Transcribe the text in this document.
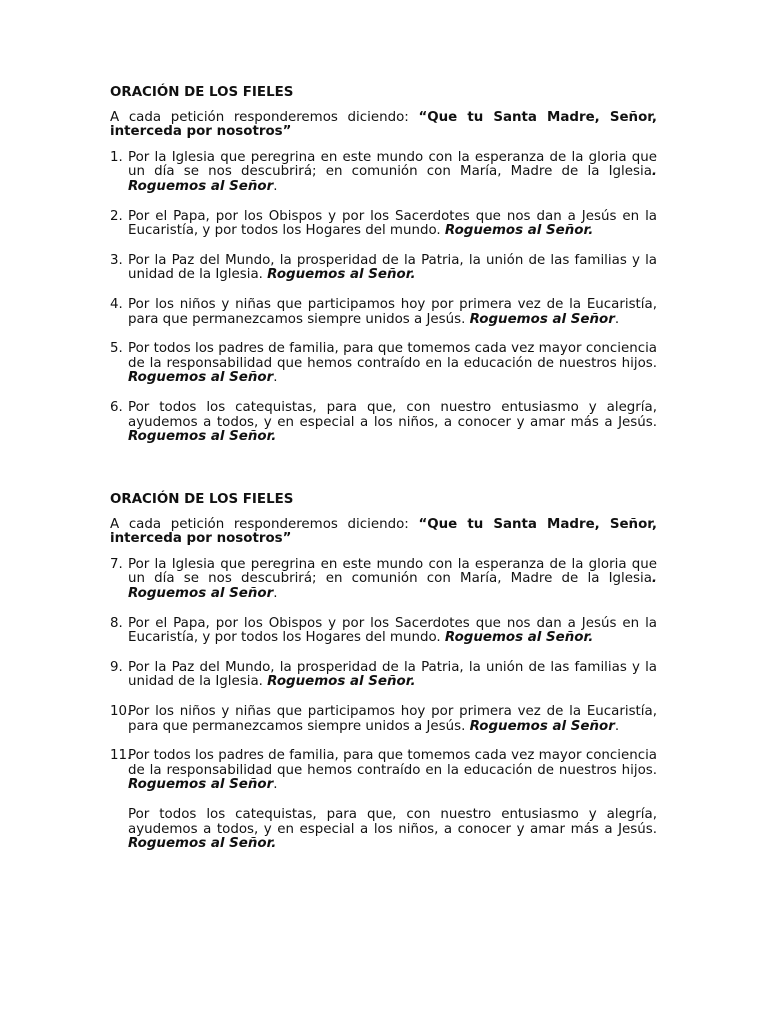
ORACIÓN DE LOS FIELES
A cada petición responderemos diciendo: “Que tu Santa Madre, Señor, interceda por nosotros”
1. Por la Iglesia que peregrina en este mundo con la esperanza de la gloria que un día se nos descubrirá; en comunión con María, Madre de la Iglesia. Roguemos al Señor.
2. Por el Papa, por los Obispos y por los Sacerdotes que nos dan a Jesús en la Eucaristía, y por todos los Hogares del mundo. Roguemos al Señor.
3. Por la Paz del Mundo, la prosperidad de la Patria, la unión de las familias y la unidad de la Iglesia. Roguemos al Señor.
4. Por los niños y niñas que participamos hoy por primera vez de la Eucaristía, para que permanezcamos siempre unidos a Jesús. Roguemos al Señor.
5. Por todos los padres de familia, para que tomemos cada vez mayor conciencia de la responsabilidad que hemos contraído en la educación de nuestros hijos. Roguemos al Señor.
6. Por todos los catequistas, para que, con nuestro entusiasmo y alegría, ayudemos a todos, y en especial a los niños, a conocer y amar más a Jesús. Roguemos al Señor.
ORACIÓN DE LOS FIELES
A cada petición responderemos diciendo: “Que tu Santa Madre, Señor, interceda por nosotros”
7. Por la Iglesia que peregrina en este mundo con la esperanza de la gloria que un día se nos descubrirá; en comunión con María, Madre de la Iglesia. Roguemos al Señor.
8. Por el Papa, por los Obispos y por los Sacerdotes que nos dan a Jesús en la Eucaristía, y por todos los Hogares del mundo. Roguemos al Señor.
9. Por la Paz del Mundo, la prosperidad de la Patria, la unión de las familias y la unidad de la Iglesia. Roguemos al Señor.
10.
Por los niños y niñas que participamos hoy por primera vez de la Eucaristía, para que permanezcamos siempre unidos a Jesús. Roguemos al Señor.
11.
Por todos los padres de familia, para que tomemos cada vez mayor conciencia de la responsabilidad que hemos contraído en la educación de nuestros hijos. Roguemos al Señor.
Por todos los catequistas, para que, con nuestro entusiasmo y alegría, ayudemos a todos, y en especial a los niños, a conocer y amar más a Jesús. Roguemos al Señor.
